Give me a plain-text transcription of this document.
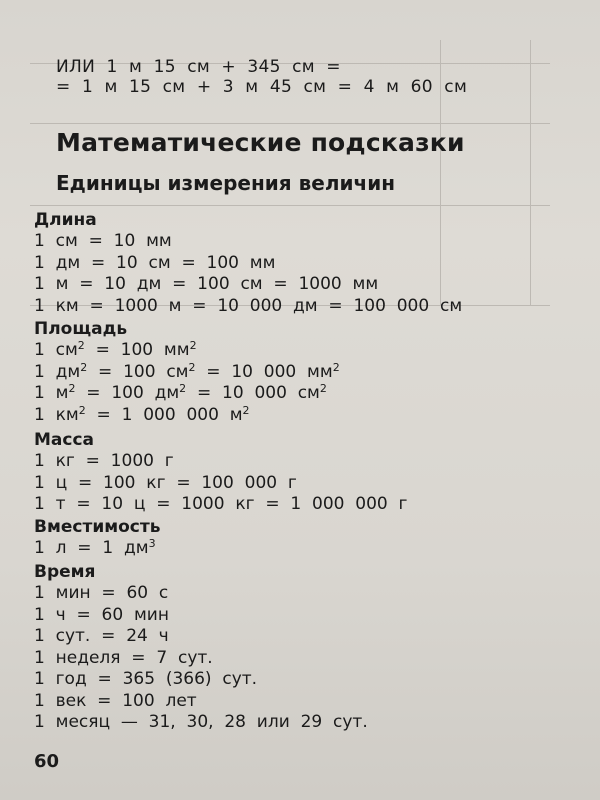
ИЛИ  1  м  15  см  +  345  см  =
=  1  м  15  см  +  3  м  45  см  =  4  м  60  см
Математические подсказки
Единицы измерения величин
Длина
1  см  =  10  мм
1  дм  =  10  см  =  100  мм
1  м  =  10  дм  =  100  см  =  1000  мм
1  км  =  1000  м  =  10  000  дм  =  100  000  см
Площадь
1  $см^2 = 100$  $мм^2$
1  $дм^2 = 100$  $см^2 = 10$  000  $мм^2$
1  $м^2 = 100$  $дм^2 = 10$  000  $см^2$
1  $км^2 = 1$  000  000  $м^2$
Масса
1  кг  =  1000  г
1  ц  =  100  кг  =  100  000  г
1  т  =  10  ц  =  1000  кг  =  1  000  000  г
Вместимость
1  л  =  1  $дм^3$
Время
1  мин  =  60  с
1  ч  =  60  мин
1  сут.  =  24  ч
1  неделя  =  7  сут.
1  год  =  365  (366)  сут.
1  век  =  100  лет
1  месяц  —  31,  30,  28  или  29  сут.
60
